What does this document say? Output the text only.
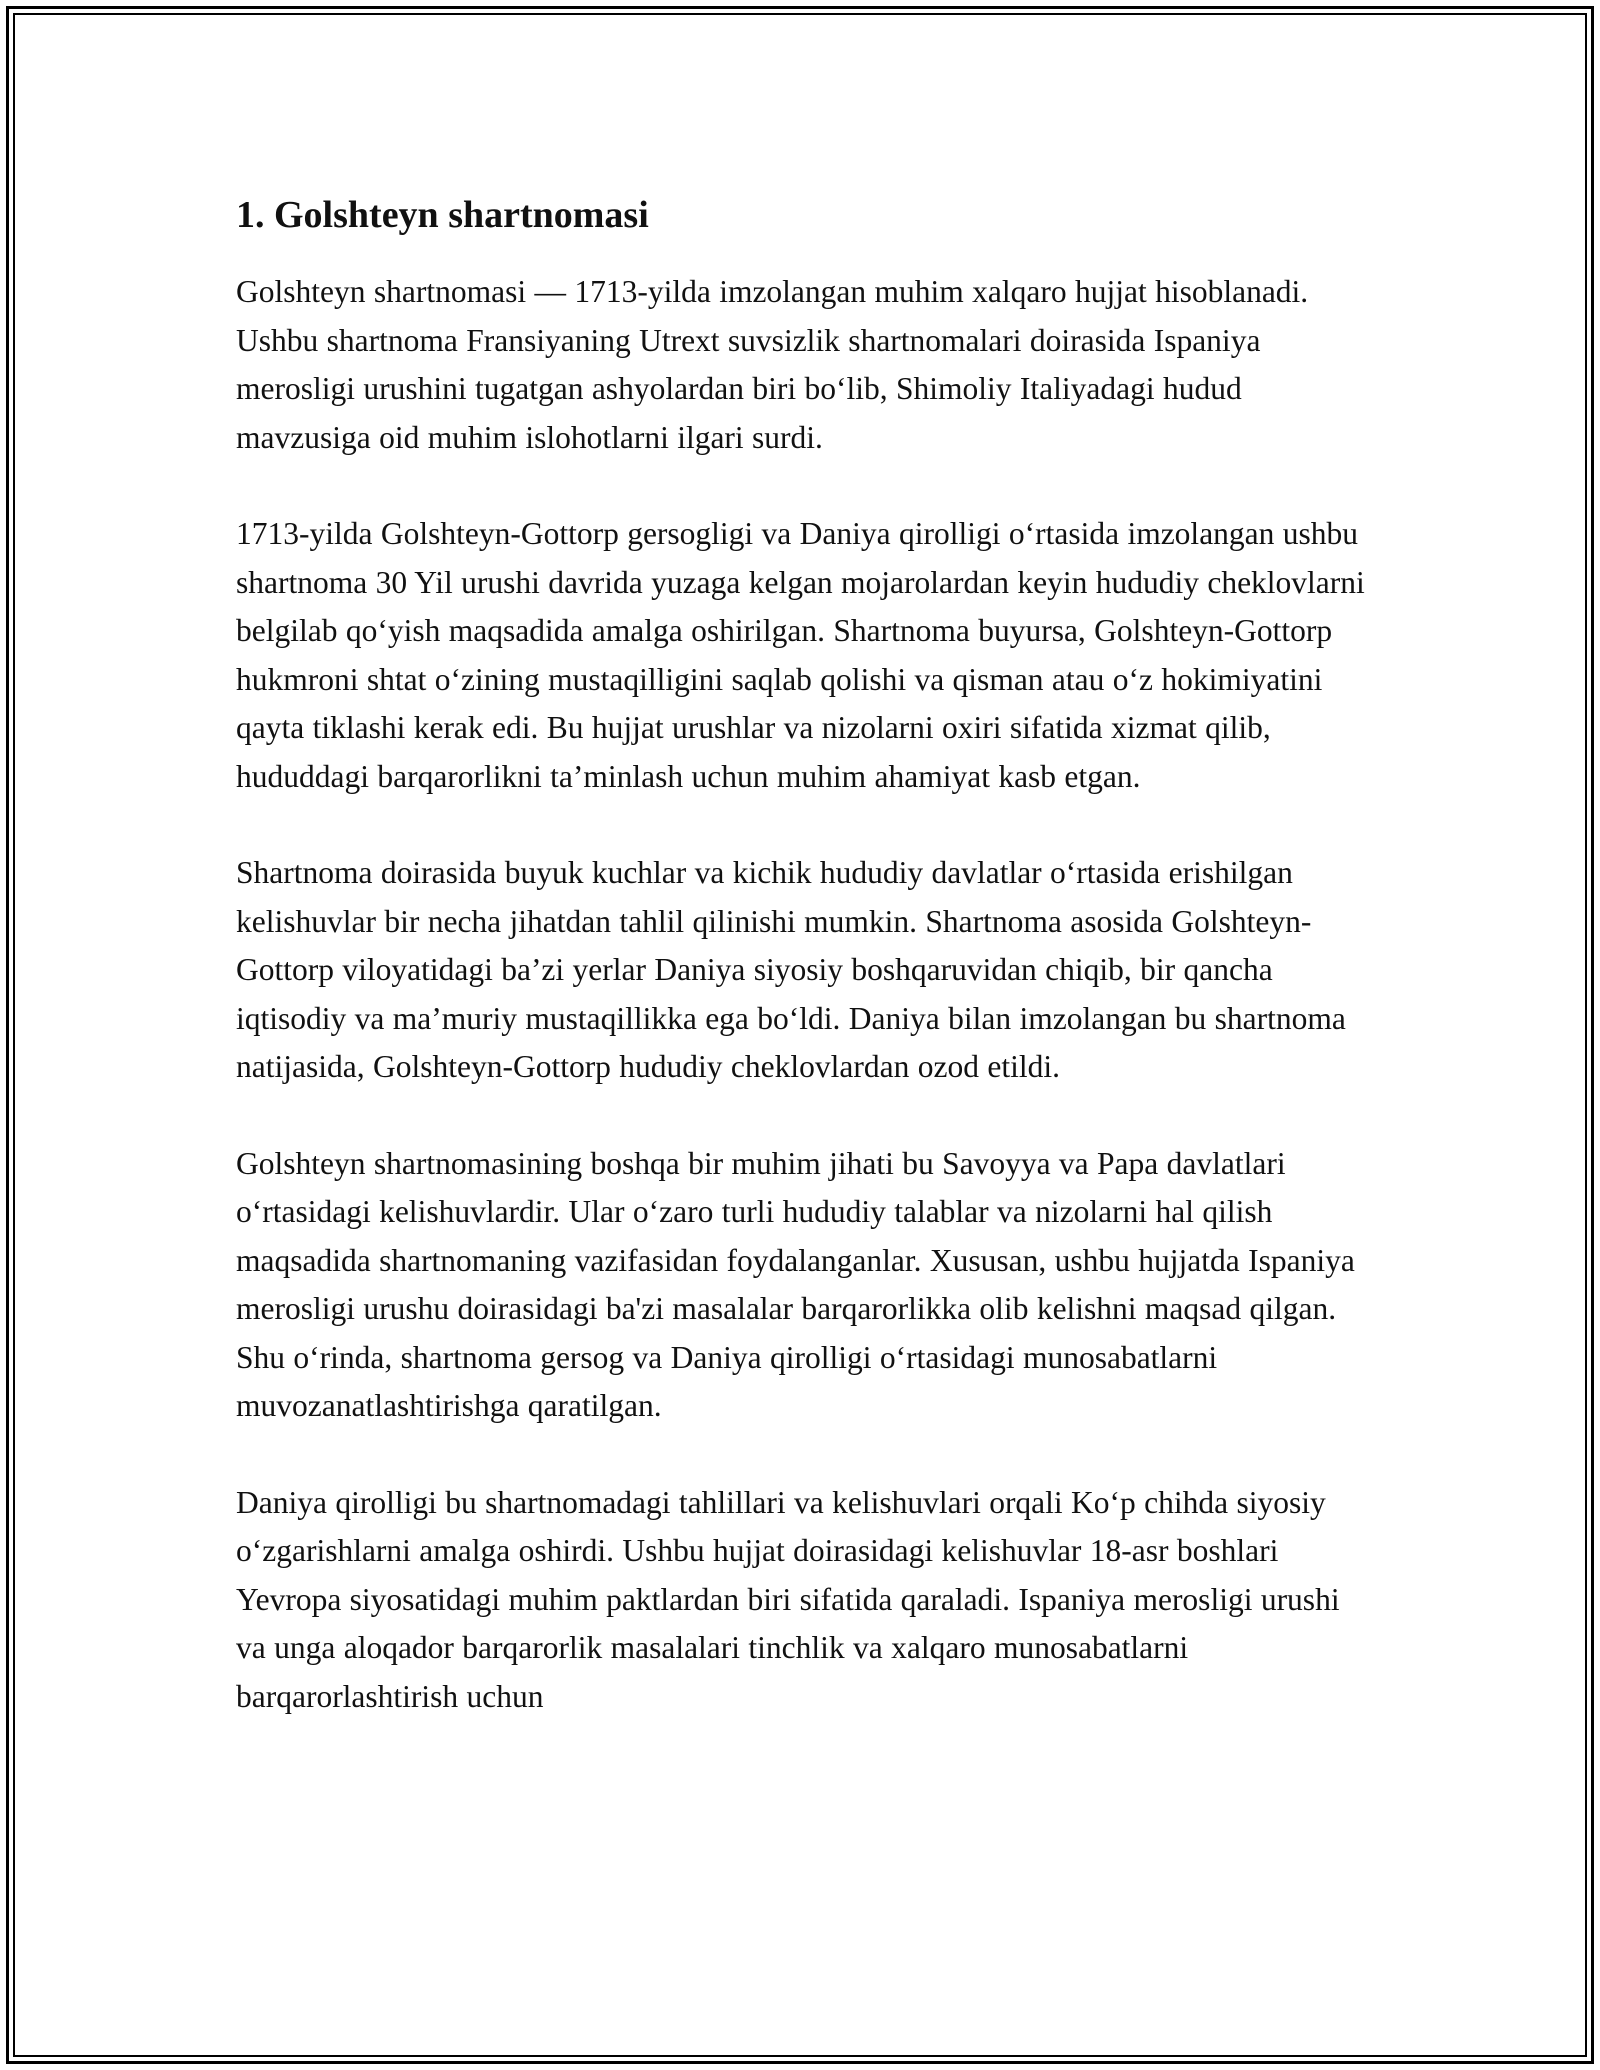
1. Golshteyn shartnomasi

Golshteyn shartnomasi — 1713-yilda imzolangan muhim xalqaro hujjat hisoblanadi. Ushbu shartnoma Fransiyaning Utrext suvsizlik shartnomalari doirasida Ispaniya merosligi urushini tugatgan ashyolardan biri bo‘lib, Shimoliy Italiyadagi hudud mavzusiga oid muhim islohotlarni ilgari surdi.

1713-yilda Golshteyn-Gottorp gersogligi va Daniya qirolligi o‘rtasida imzolangan ushbu shartnoma 30 Yil urushi davrida yuzaga kelgan mojarolardan keyin hududiy cheklovlarni belgilab qo‘yish maqsadida amalga oshirilgan. Shartnoma buyursa, Golshteyn-Gottorp hukmroni shtat o‘zining mustaqilligini saqlab qolishi va qisman atau o‘z hokimiyatini qayta tiklashi kerak edi. Bu hujjat urushlar va nizolarni oxiri sifatida xizmat qilib, hududdagi barqarorlikni ta’minlash uchun muhim ahamiyat kasb etgan.

Shartnoma doirasida buyuk kuchlar va kichik hududiy davlatlar o‘rtasida erishilgan kelishuvlar bir necha jihatdan tahlil qilinishi mumkin. Shartnoma asosida Golshteyn-Gottorp viloyatidagi ba’zi yerlar Daniya siyosiy boshqaruvidan chiqib, bir qancha iqtisodiy va ma’muriy mustaqillikka ega bo‘ldi. Daniya bilan imzolangan bu shartnoma natijasida, Golshteyn-Gottorp hududiy cheklovlardan ozod etildi.

Golshteyn shartnomasining boshqa bir muhim jihati bu Savoyya va Papa davlatlari o‘rtasidagi kelishuvlardir. Ular o‘zaro turli hududiy talablar va nizolarni hal qilish maqsadida shartnomaning vazifasidan foydalanganlar. Xususan, ushbu hujjatda Ispaniya merosligi urushu doirasidagi ba'zi masalalar barqarorlikka olib kelishni maqsad qilgan. Shu o‘rinda, shartnoma gersog va Daniya qirolligi o‘rtasidagi munosabatlarni muvozanatlashtirishga qaratilgan.

Daniya qirolligi bu shartnomadagi tahlillari va kelishuvlari orqali Ko‘p chihda siyosiy o‘zgarishlarni amalga oshirdi. Ushbu hujjat doirasidagi kelishuvlar 18-asr boshlari Yevropa siyosatidagi muhim paktlardan biri sifatida qaraladi. Ispaniya merosligi urushi va unga aloqador barqarorlik masalalari tinchlik va xalqaro munosabatlarni barqarorlashtirish uchun
